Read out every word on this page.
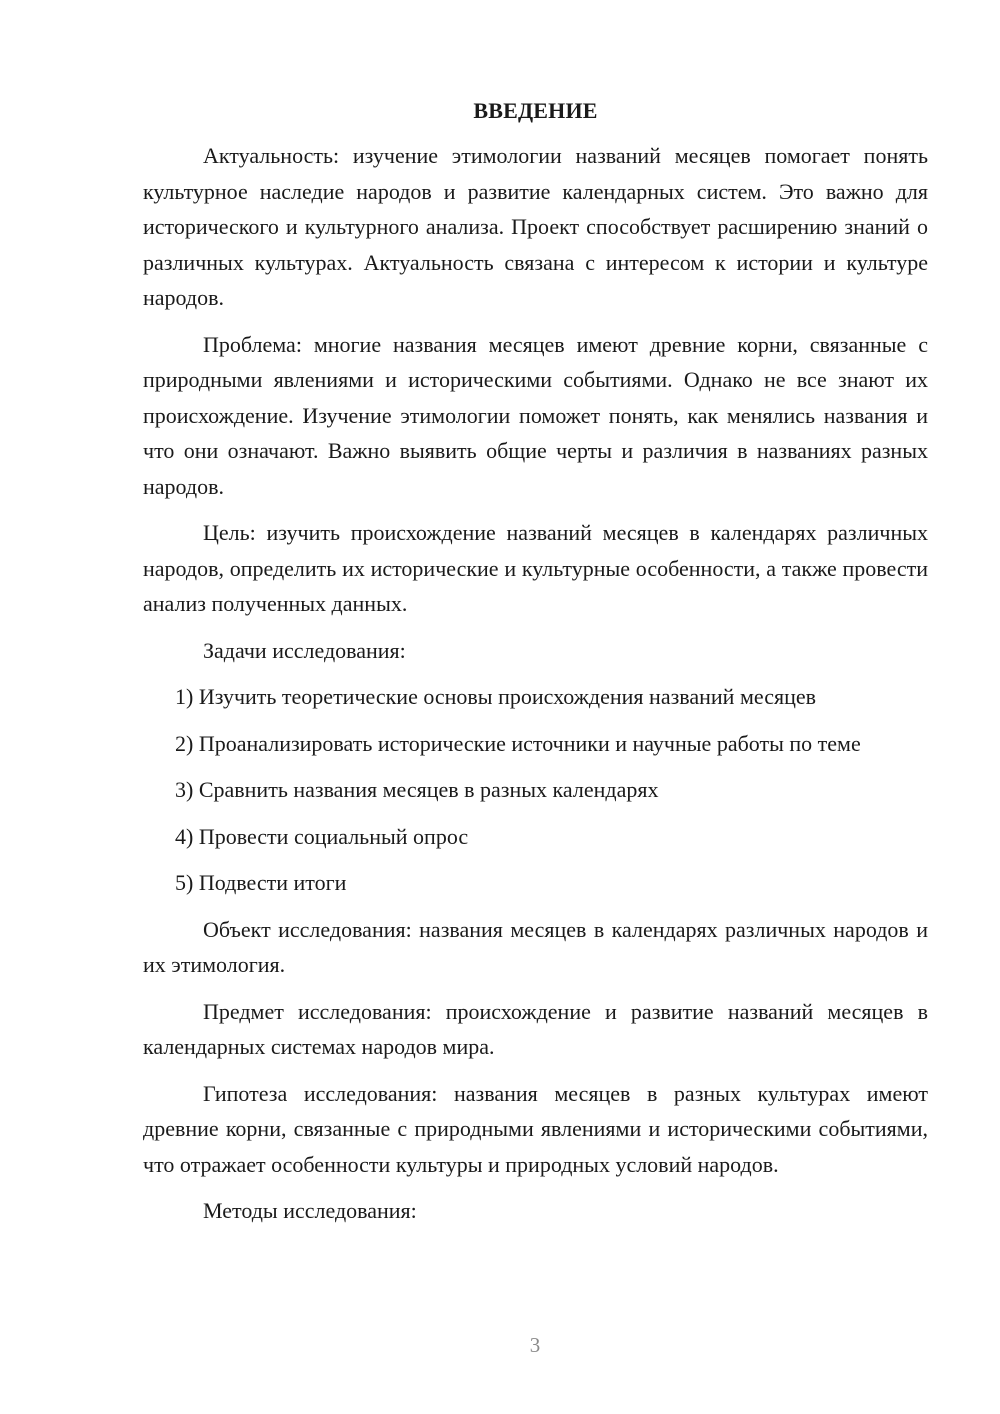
ВВЕДЕНИЕ

Актуальность: изучение этимологии названий месяцев помогает понять культурное наследие народов и развитие календарных систем. Это важно для исторического и культурного анализа. Проект способствует расширению знаний о различных культурах. Актуальность связана с интересом к истории и культуре народов.

Проблема: многие названия месяцев имеют древние корни, связанные с природными явлениями и историческими событиями. Однако не все знают их происхождение. Изучение этимологии поможет понять, как менялись названия и что они означают. Важно выявить общие черты и различия в названиях разных народов.

Цель: изучить происхождение названий месяцев в календарях различных народов, определить их исторические и культурные особенности, а также провести анализ полученных данных.

Задачи исследования:

1) Изучить теоретические основы происхождения названий месяцев

2) Проанализировать исторические источники и научные работы по теме

3) Сравнить названия месяцев в разных календарях

4) Провести социальный опрос

5) Подвести итоги

Объект исследования: названия месяцев в календарях различных народов и их этимология.

Предмет исследования: происхождение и развитие названий месяцев в календарных системах народов мира.

Гипотеза исследования: названия месяцев в разных культурах имеют древние корни, связанные с природными явлениями и историческими событиями, что отражает особенности культуры и природных условий народов.

Методы исследования:

3
